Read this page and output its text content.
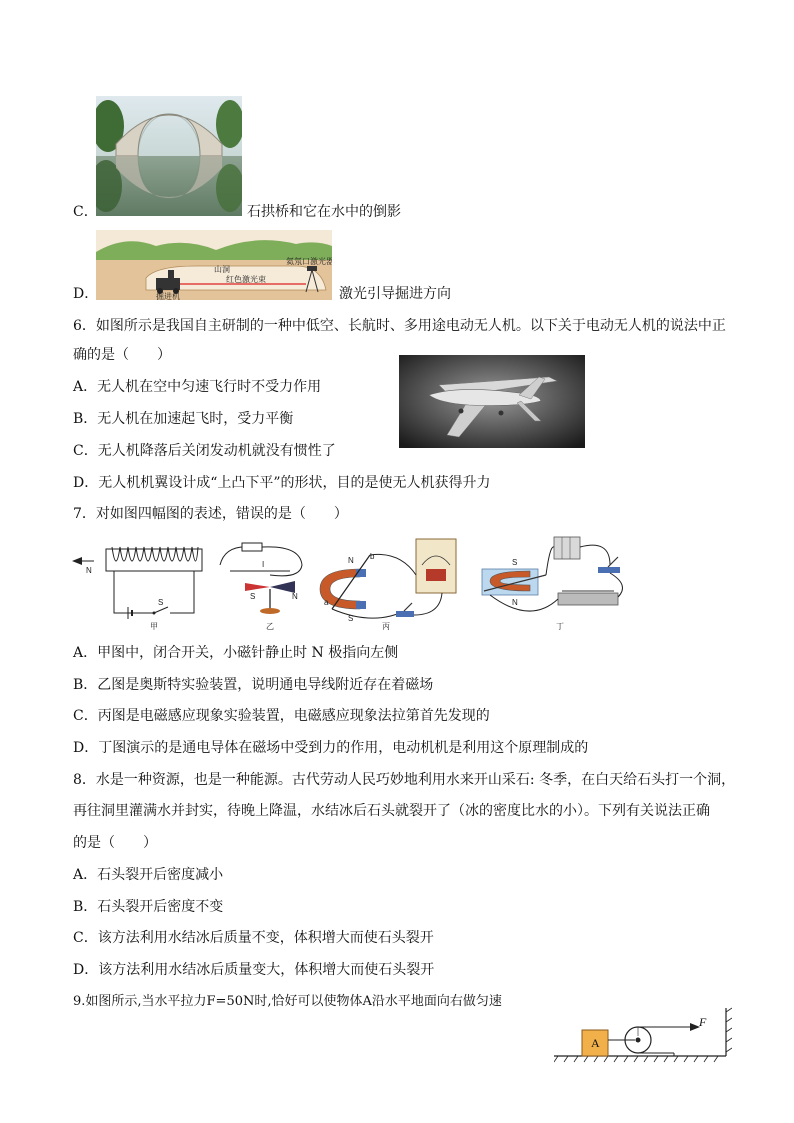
C．	石拱桥和它在水中的倒影
山洞
氦氖口激光器
掘进机
红色激光束
D．	激光引导掘进方向
6．如图所示是我国自主研制的一种中低空、长航时、多用途电动无人机。以下关于电动无人机的说法中正
确的是（　　）
A．无人机在空中匀速飞行时不受力作用
B．无人机在加速起飞时，受力平衡
C．无人机降落后关闭发动机就没有惯性了
D．无人机机翼设计成“上凸下平”的形状，目的是使无人机获得升力
7．对如图四幅图的表述，错误的是（　　）
N
S
甲
I
S	N
乙
N
S
a
b
丙
S
N
丁
A．甲图中，闭合开关，小磁针静止时 N 极指向左侧
B．乙图是奥斯特实验装置，说明通电导线附近存在着磁场
C．丙图是电磁感应现象实验装置，电磁感应现象法拉第首先发现的
D．丁图演示的是通电导体在磁场中受到力的作用，电动机机是利用这个原理制成的
8．水是一种资源，也是一种能源。古代劳动人民巧妙地利用水来开山采石: 冬季，在白天给石头打一个洞，
再往洞里灌满水并封实，待晚上降温，水结冰后石头就裂开了（冰的密度比水的小）。下列有关说法正确
的是（　　）
A．石头裂开后密度减小
B．石头裂开后密度不变
C．该方法利用水结冰后质量不变，体积增大而使石头裂开
D．该方法利用水结冰后质量变大，体积增大而使石头裂开
9.如图所示,当水平拉力F=50N时,恰好可以使物体A沿水平地面向右做匀速
A
F
